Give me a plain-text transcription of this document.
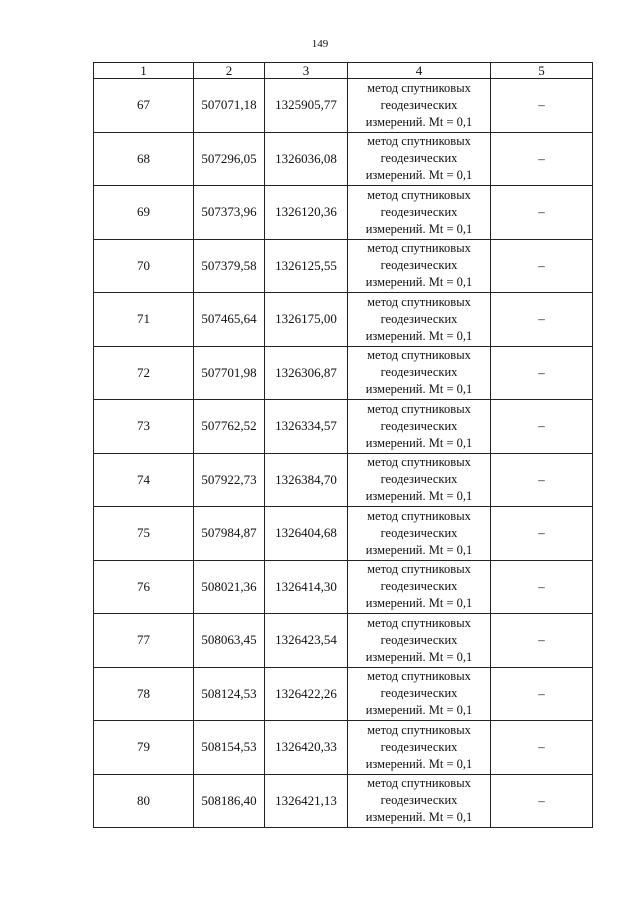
149
1	2	3	4	5
67	507071,18	1325905,77	метод спутниковых
геодезических
измерений. Mt = 0,1	–
68	507296,05	1326036,08	метод спутниковых
геодезических
измерений. Mt = 0,1	–
69	507373,96	1326120,36	метод спутниковых
геодезических
измерений. Mt = 0,1	–
70	507379,58	1326125,55	метод спутниковых
геодезических
измерений. Mt = 0,1	–
71	507465,64	1326175,00	метод спутниковых
геодезических
измерений. Mt = 0,1	–
72	507701,98	1326306,87	метод спутниковых
геодезических
измерений. Mt = 0,1	–
73	507762,52	1326334,57	метод спутниковых
геодезических
измерений. Mt = 0,1	–
74	507922,73	1326384,70	метод спутниковых
геодезических
измерений. Mt = 0,1	–
75	507984,87	1326404,68	метод спутниковых
геодезических
измерений. Mt = 0,1	–
76	508021,36	1326414,30	метод спутниковых
геодезических
измерений. Mt = 0,1	–
77	508063,45	1326423,54	метод спутниковых
геодезических
измерений. Mt = 0,1	–
78	508124,53	1326422,26	метод спутниковых
геодезических
измерений. Mt = 0,1	–
79	508154,53	1326420,33	метод спутниковых
геодезических
измерений. Mt = 0,1	–
80	508186,40	1326421,13	метод спутниковых
геодезических
измерений. Mt = 0,1	–
